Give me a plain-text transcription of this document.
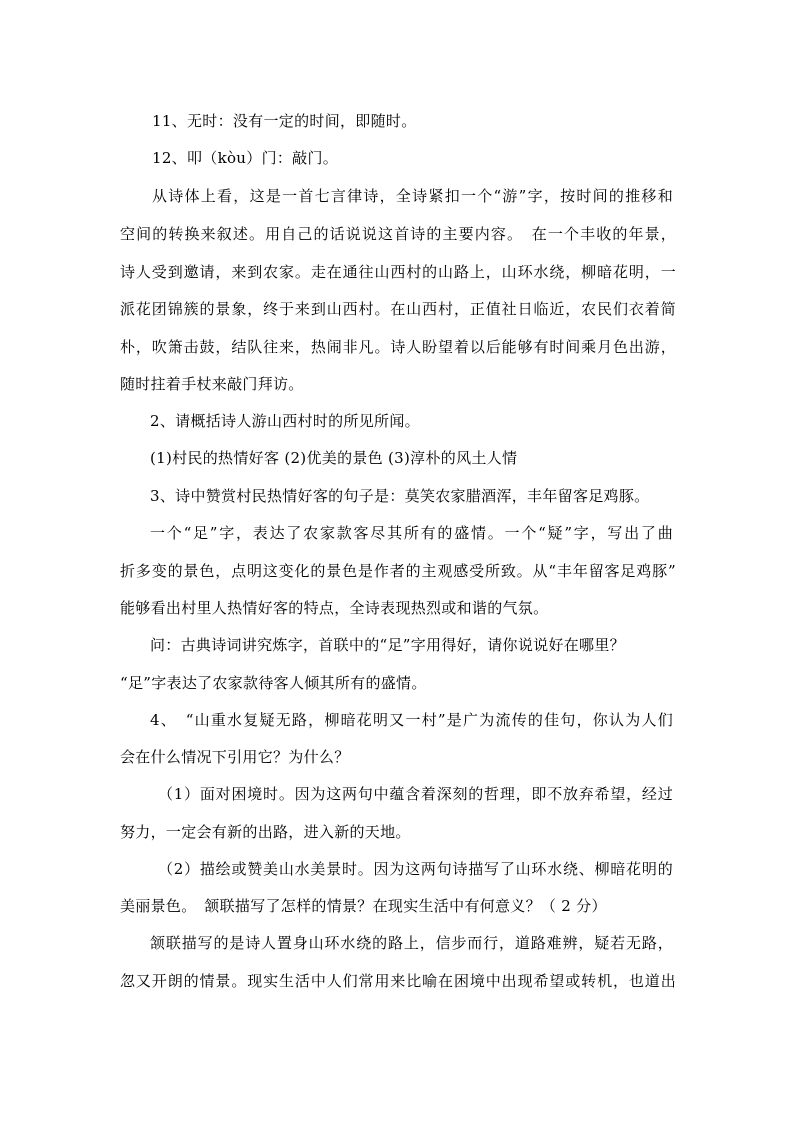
11、无时：没有一定的时间，即随时。

12、叩（kòu）门：敲门。

从诗体上看，这是一首七言律诗，全诗紧扣一个“游”字，按时间的推移和

空间的转换来叙述。用自己的话说说这首诗的主要内容。　在一个丰收的年景，

诗人受到邀请，来到农家。走在通往山西村的山路上，山环水绕，柳暗花明，一

派花团锦簇的景象，终于来到山西村。在山西村，正值社日临近，农民们衣着简

朴，吹箫击鼓，结队往来，热闹非凡。诗人盼望着以后能够有时间乘月色出游，

随时拄着手杖来敲门拜访。

2、请概括诗人游山西村时的所见所闻。

(1)村民的热情好客 (2)优美的景色 (3)淳朴的风土人情

3、诗中赞赏村民热情好客的句子是：莫笑农家腊酒浑，丰年留客足鸡豚。

一个“足”字，表达了农家款客尽其所有的盛情。一个“疑”字，写出了曲

折多变的景色，点明这变化的景色是作者的主观感受所致。从“丰年留客足鸡豚”

能够看出村里人热情好客的特点，全诗表现热烈或和谐的气氛。

问：古典诗词讲究炼字，首联中的“足”字用得好，请你说说好在哪里？

“足”字表达了农家款待客人倾其所有的盛情。

4、　“山重水复疑无路，柳暗花明又一村”是广为流传的佳句，你认为人们

会在什么情况下引用它？为什么？

（1）面对困境时。因为这两句中蕴含着深刻的哲理，即不放弃希望，经过

努力，一定会有新的出路，进入新的天地。

（2）描绘或赞美山水美景时。因为这两句诗描写了山环水绕、柳暗花明的

美丽景色。　颔联描写了怎样的情景？在现实生活中有何意义？（ 2 分）

颔联描写的是诗人置身山环水绕的路上，信步而行，道路难辨，疑若无路，

忽又开朗的情景。现实生活中人们常用来比喻在困境中出现希望或转机，也道出
